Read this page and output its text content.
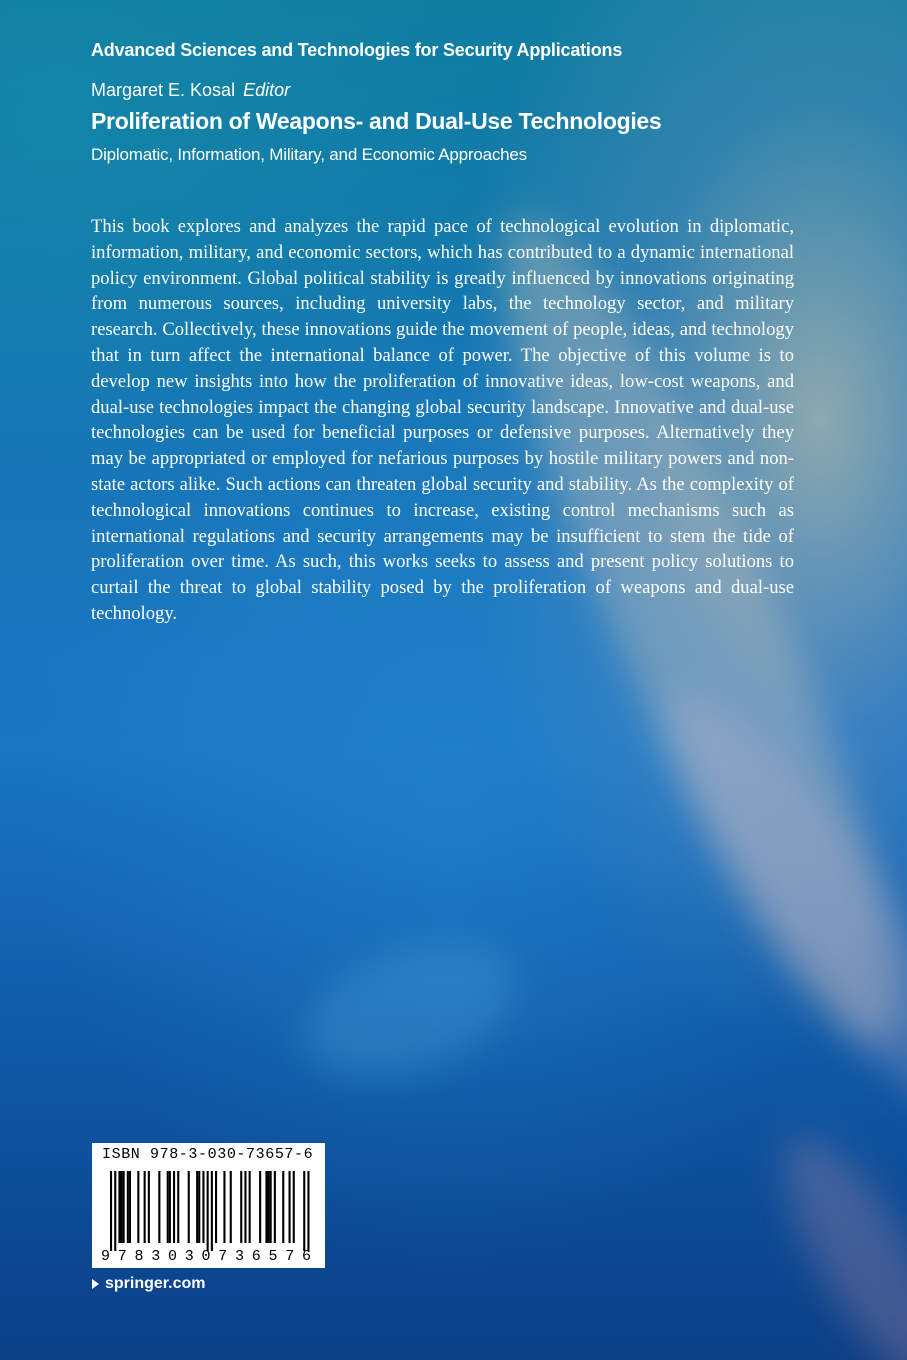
Advanced Sciences and Technologies for Security Applications

Margaret E. Kosal Editor

Proliferation of Weapons- and Dual-Use Technologies

Diplomatic, Information, Military, and Economic Approaches

This book explores and analyzes the rapid pace of technological evolution in diplomatic, information, military, and economic sectors, which has contributed to a dynamic international policy environment. Global political stability is greatly influenced by innovations originating from numerous sources, including university labs, the technology sector, and military research. Collectively, these innovations guide the movement of people, ideas, and technology that in turn affect the international balance of power. The objective of this volume is to develop new insights into how the proliferation of innovative ideas, low-cost weapons, and dual-use technologies impact the changing global security landscape. Innovative and dual-use technologies can be used for beneficial purposes or defensive purposes. Alternatively they may be appropriated or employed for nefarious purposes by hostile military powers and non-state actors alike. Such actions can threaten global security and stability. As the complexity of technological innovations continues to increase, existing control mechanisms such as international regulations and security arrangements may be insufficient to stem the tide of proliferation over time. As such, this works seeks to assess and present policy solutions to curtail the threat to global stability posed by the proliferation of weapons and dual-use technology.

ISBN 978-3-030-73657-6

9783030736576
springer.com
